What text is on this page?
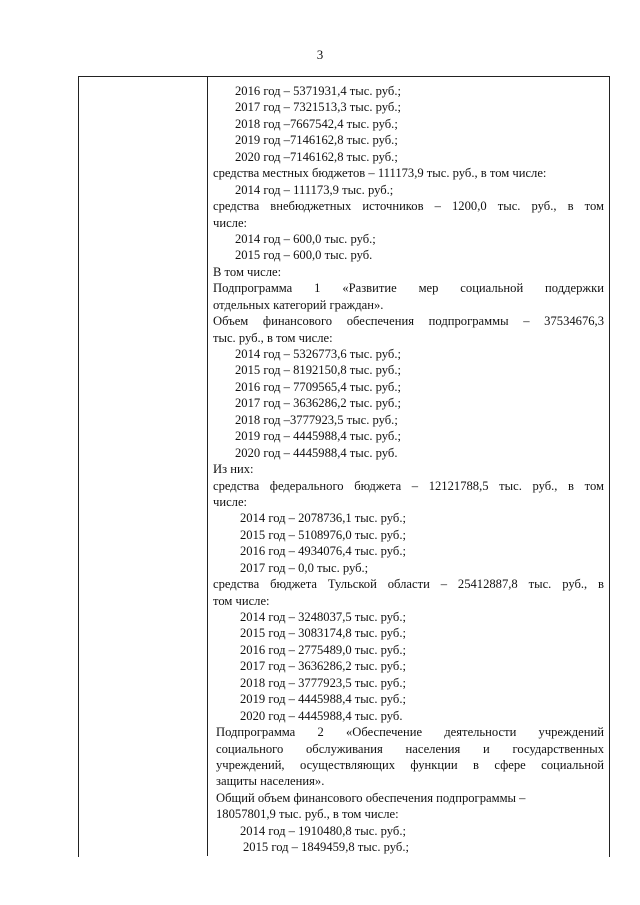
3
2016 год – 5371931,4 тыс. руб.;
2017 год – 7321513,3 тыс. руб.;
2018 год –7667542,4 тыс. руб.;
2019 год –7146162,8 тыс. руб.;
2020 год –7146162,8 тыс. руб.;
средства местных бюджетов – 111173,9 тыс. руб., в том числе:
2014 год – 111173,9 тыс. руб.;
средства внебюджетных источников – 1200,0 тыс. руб., в том
числе:
2014 год – 600,0 тыс. руб.;
2015 год – 600,0 тыс. руб.
В том числе:
Подпрограмма 1 «Развитие мер социальной поддержки
отдельных категорий граждан».
Объем финансового обеспечения подпрограммы – 37534676,3
тыс. руб., в том числе:
2014 год – 5326773,6 тыс. руб.;
2015 год – 8192150,8 тыс. руб.;
2016 год – 7709565,4 тыс. руб.;
2017 год – 3636286,2 тыс. руб.;
2018 год –3777923,5 тыс. руб.;
2019 год – 4445988,4 тыс. руб.;
2020 год – 4445988,4 тыс. руб.
Из них:
средства федерального бюджета – 12121788,5 тыс. руб., в том
числе:
2014 год – 2078736,1 тыс. руб.;
2015 год – 5108976,0 тыс. руб.;
2016 год – 4934076,4 тыс. руб.;
2017 год – 0,0 тыс. руб.;
средства бюджета Тульской области – 25412887,8 тыс. руб., в
том числе:
2014 год – 3248037,5 тыс. руб.;
2015 год – 3083174,8 тыс. руб.;
2016 год – 2775489,0 тыс. руб.;
2017 год – 3636286,2 тыс. руб.;
2018 год – 3777923,5 тыс. руб.;
2019 год – 4445988,4 тыс. руб.;
2020 год – 4445988,4 тыс. руб.
Подпрограмма 2 «Обеспечение деятельности учреждений
социального обслуживания населения и государственных
учреждений, осуществляющих функции в сфере социальной
защиты населения».
Общий объем финансового обеспечения подпрограммы –
18057801,9 тыс. руб., в том числе:
2014 год – 1910480,8 тыс. руб.;
2015 год – 1849459,8 тыс. руб.;
